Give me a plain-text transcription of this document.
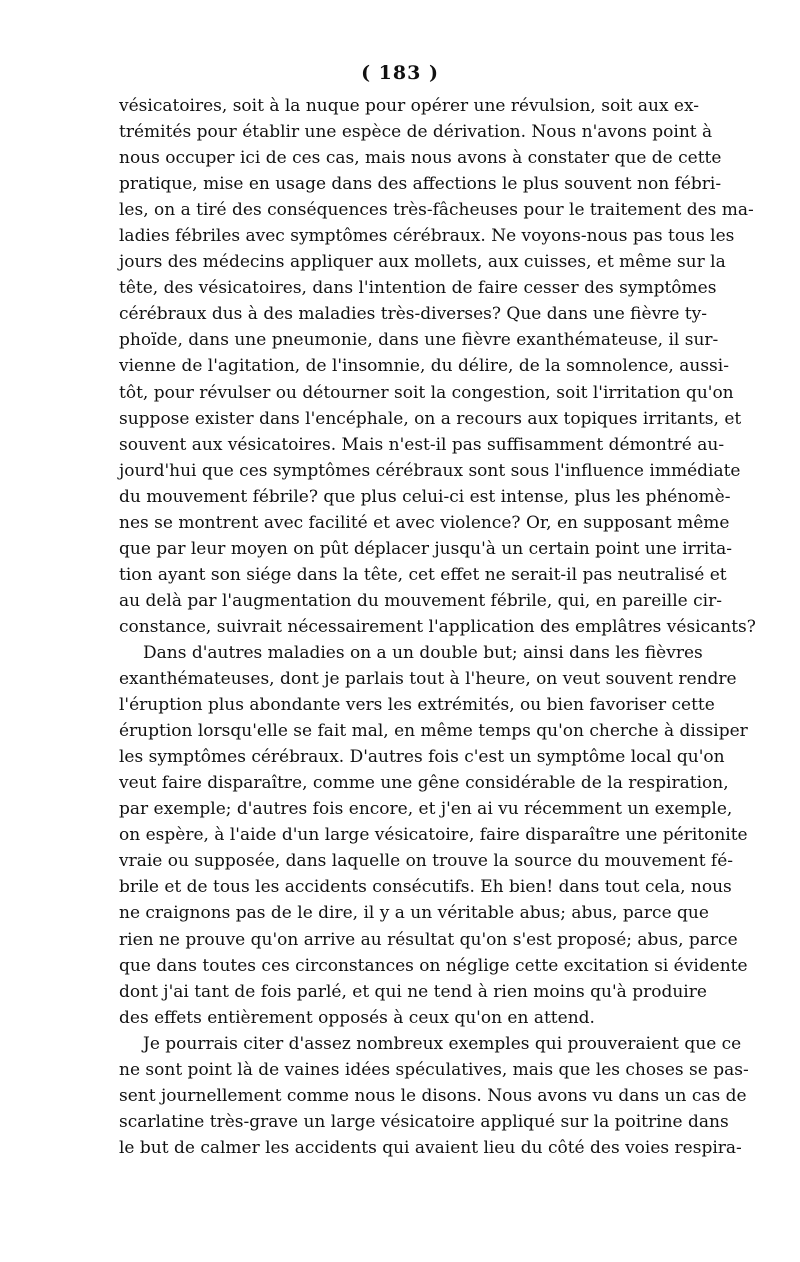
( 183 )
vésicatoires, soit à la nuque pour opérer une révulsion, soit aux ex-
trémités pour établir une espèce de dérivation. Nous n'avons point à
nous occuper ici de ces cas, mais nous avons à constater que de cette
pratique, mise en usage dans des affections le plus souvent non fébri-
les, on a tiré des conséquences très-fâcheuses pour le traitement des ma-
ladies fébriles avec symptômes cérébraux. Ne voyons-nous pas tous les
jours des médecins appliquer aux mollets, aux cuisses, et même sur la
tête, des vésicatoires, dans l'intention de faire cesser des symptômes
cérébraux dus à des maladies très-diverses? Que dans une fièvre ty-
phoïde, dans une pneumonie, dans une fièvre exanthémateuse, il sur-
vienne de l'agitation, de l'insomnie, du délire, de la somnolence, aussi-
tôt, pour révulser ou détourner soit la congestion, soit l'irritation qu'on
suppose exister dans l'encéphale, on a recours aux topiques irritants, et
souvent aux vésicatoires. Mais n'est-il pas suffisamment démontré au-
jourd'hui que ces symptômes cérébraux sont sous l'influence immédiate
du mouvement fébrile? que plus celui-ci est intense, plus les phénomè-
nes se montrent avec facilité et avec violence? Or, en supposant même
que par leur moyen on pût déplacer jusqu'à un certain point une irrita-
tion ayant son siége dans la tête, cet effet ne serait-il pas neutralisé et
au delà par l'augmentation du mouvement fébrile, qui, en pareille cir-
constance, suivrait nécessairement l'application des emplâtres vésicants?
Dans d'autres maladies on a un double but; ainsi dans les fièvres
exanthémateuses, dont je parlais tout à l'heure, on veut souvent rendre
l'éruption plus abondante vers les extrémités, ou bien favoriser cette
éruption lorsqu'elle se fait mal, en même temps qu'on cherche à dissiper
les symptômes cérébraux. D'autres fois c'est un symptôme local qu'on
veut faire disparaître, comme une gêne considérable de la respiration,
par exemple; d'autres fois encore, et j'en ai vu récemment un exemple,
on espère, à l'aide d'un large vésicatoire, faire disparaître une péritonite
vraie ou supposée, dans laquelle on trouve la source du mouvement fé-
brile et de tous les accidents consécutifs. Eh bien! dans tout cela, nous
ne craignons pas de le dire, il y a un véritable abus; abus, parce que
rien ne prouve qu'on arrive au résultat qu'on s'est proposé; abus, parce
que dans toutes ces circonstances on néglige cette excitation si évidente
dont j'ai tant de fois parlé, et qui ne tend à rien moins qu'à produire
des effets entièrement opposés à ceux qu'on en attend.
Je pourrais citer d'assez nombreux exemples qui prouveraient que ce
ne sont point là de vaines idées spéculatives, mais que les choses se pas-
sent journellement comme nous le disons. Nous avons vu dans un cas de
scarlatine très-grave un large vésicatoire appliqué sur la poitrine dans
le but de calmer les accidents qui avaient lieu du côté des voies respira-
